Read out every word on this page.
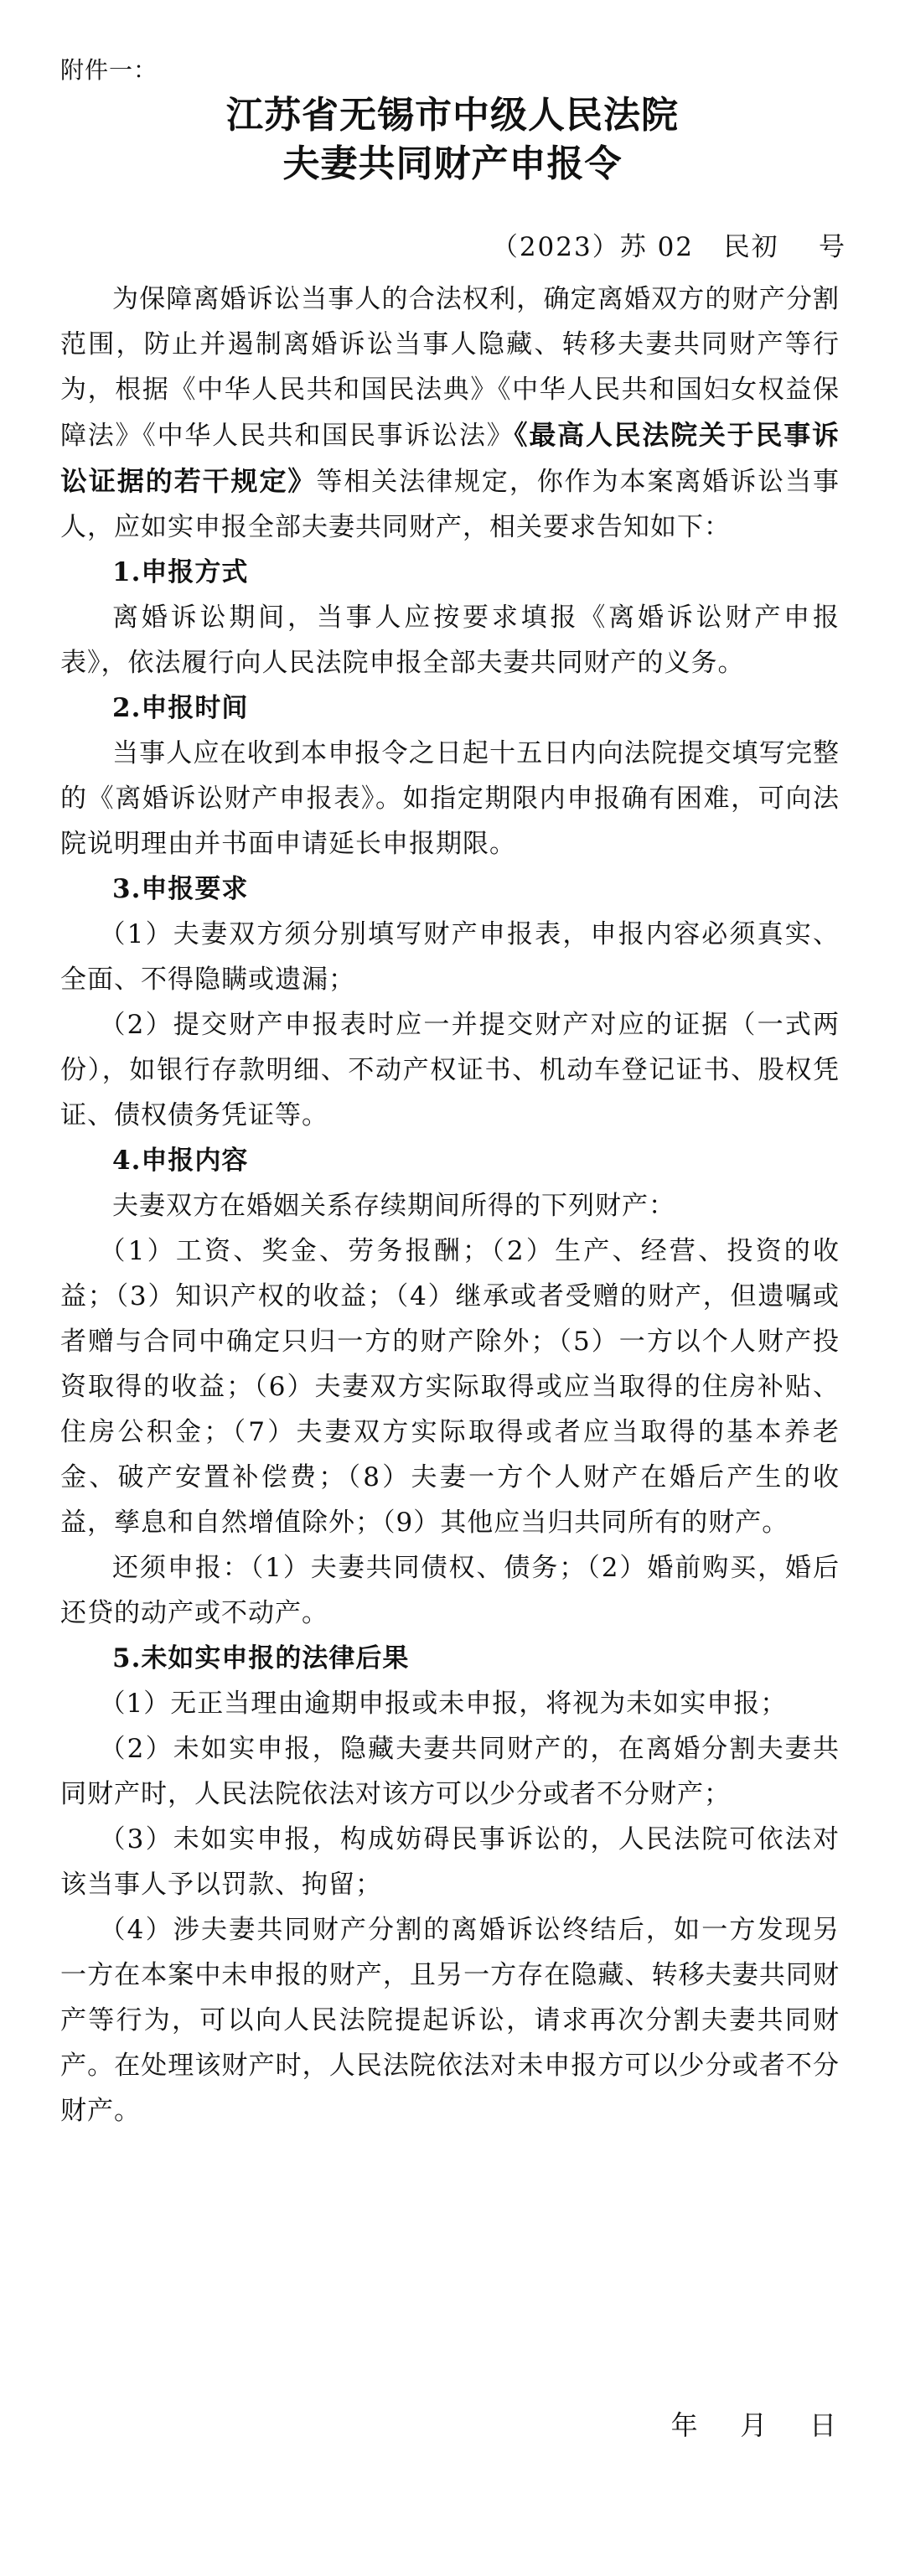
附件一：
江苏省无锡市中级人民法院
夫妻共同财产申报令
（2023）苏 02   民初    号

为保障离婚诉讼当事人的合法权利，确定离婚双方的财产分割范围，防止并遏制离婚诉讼当事人隐藏、转移夫妻共同财产等行为，根据《中华人民共和国民法典》《中华人民共和国妇女权益保障法》《中华人民共和国民事诉讼法》《最高人民法院关于民事诉讼证据的若干规定》等相关法律规定，你作为本案离婚诉讼当事人，应如实申报全部夫妻共同财产，相关要求告知如下：

1.申报方式

离婚诉讼期间，当事人应按要求填报《离婚诉讼财产申报表》，依法履行向人民法院申报全部夫妻共同财产的义务。

2.申报时间

当事人应在收到本申报令之日起十五日内向法院提交填写完整的《离婚诉讼财产申报表》。如指定期限内申报确有困难，可向法院说明理由并书面申请延长申报期限。

3.申报要求

（1）夫妻双方须分别填写财产申报表，申报内容必须真实、全面、不得隐瞒或遗漏；

（2）提交财产申报表时应一并提交财产对应的证据（一式两份），如银行存款明细、不动产权证书、机动车登记证书、股权凭证、债权债务凭证等。

4.申报内容

夫妻双方在婚姻关系存续期间所得的下列财产：

（1）工资、奖金、劳务报酬；（2）生产、经营、投资的收益；（3）知识产权的收益；（4）继承或者受赠的财产，但遗嘱或者赠与合同中确定只归一方的财产除外；（5）一方以个人财产投资取得的收益；（6）夫妻双方实际取得或应当取得的住房补贴、住房公积金；（7）夫妻双方实际取得或者应当取得的基本养老金、破产安置补偿费；（8）夫妻一方个人财产在婚后产生的收益，孳息和自然增值除外；（9）其他应当归共同所有的财产。

还须申报：（1）夫妻共同债权、债务；（2）婚前购买，婚后还贷的动产或不动产。

5.未如实申报的法律后果

（1）无正当理由逾期申报或未申报，将视为未如实申报；

（2）未如实申报，隐藏夫妻共同财产的，在离婚分割夫妻共同财产时，人民法院依法对该方可以少分或者不分财产；

（3）未如实申报，构成妨碍民事诉讼的，人民法院可依法对该当事人予以罚款、拘留；

（4）涉夫妻共同财产分割的离婚诉讼终结后，如一方发现另一方在本案中未申报的财产，且另一方存在隐藏、转移夫妻共同财产等行为，可以向人民法院提起诉讼，请求再次分割夫妻共同财产。在处理该财产时，人民法院依法对未申报方可以少分或者不分财产。

年    月    日
